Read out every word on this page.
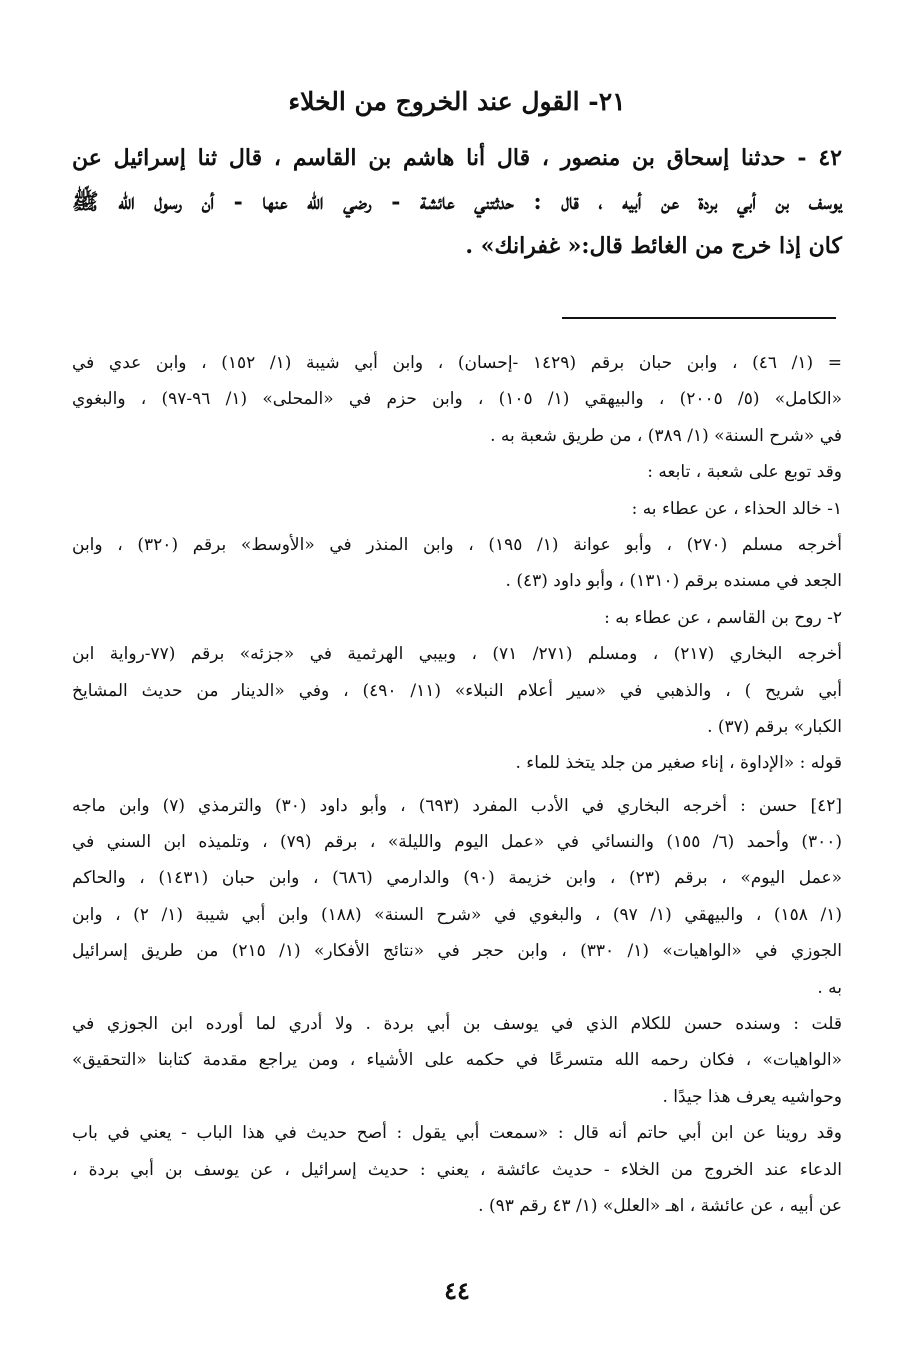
٢١- القول عند الخروج من الخلاء

٤٢ - حدثنا إسحاق بن منصور ، قال أنا هاشم بن القاسم ، قال ثنا إسرائيل عن

يوسف بن أبي بردة عن أبيه ، قال : حدثتني عائشة - رضي الله عنها - أن رسول الله ﷺ

كان إذا خرج من الغائط قال:« غفرانك» .

= (١/ ٤٦) ، وابن حبان برقم (١٤٢٩ -إحسان) ، وابن أبي شيبة (١/ ١٥٢) ، وابن عدي في
«الكامل» (٥/ ٢٠٠٥) ، والبيهقي (١/ ١٠٥) ، وابن حزم في «المحلى» (١/ ٩٦-٩٧) ، والبغوي
في «شرح السنة» (١/ ٣٨٩) ، من طريق شعبة به .
وقد توبع على شعبة ، تابعه :
١- خالد الحذاء ، عن عطاء به :
أخرجه مسلم (٢٧٠) ، وأبو عوانة (١/ ١٩٥) ، وابن المنذر في «الأوسط» برقم (٣٢٠) ، وابن
الجعد في مسنده برقم (١٣١٠) ، وأبو داود (٤٣) .
٢- روح بن القاسم ، عن عطاء به :
أخرجه البخاري (٢١٧) ، ومسلم (٢٧١/ ٧١) ، وبيبي الهرثمية في «جزئه» برقم (٧٧-رواية ابن
أبي شريح ) ، والذهبي في «سير أعلام النبلاء» (١١/ ٤٩٠) ، وفي «الدينار من حديث المشايخ
الكبار» برقم (٣٧) .
قوله : «الإداوة ، إناء صغير من جلد يتخذ للماء .
[٤٢] حسن : أخرجه البخاري في الأدب المفرد (٦٩٣) ، وأبو داود (٣٠) والترمذي (٧) وابن ماجه
(٣٠٠) وأحمد (٦/ ١٥٥) والنسائي في «عمل اليوم والليلة» ، برقم (٧٩) ، وتلميذه ابن السني في
«عمل اليوم» ، برقم (٢٣) ، وابن خزيمة (٩٠) والدارمي (٦٨٦) ، وابن حبان (١٤٣١) ، والحاكم
(١/ ١٥٨) ، والبيهقي (١/ ٩٧) ، والبغوي في «شرح السنة» (١٨٨) وابن أبي شيبة (١/ ٢) ، وابن
الجوزي في «الواهيات» (١/ ٣٣٠) ، وابن حجر في «نتائج الأفكار» (١/ ٢١٥) من طريق إسرائيل
به .
قلت : وسنده حسن للكلام الذي في يوسف بن أبي بردة . ولا أدري لما أورده ابن الجوزي في
«الواهيات» ، فكان رحمه الله متسرعًا في حكمه على الأشياء ، ومن يراجع مقدمة كتابنا «التحقيق»
وحواشيه يعرف هذا جيدًا .
وقد روينا عن ابن أبي حاتم أنه قال : «سمعت أبي يقول : أصح حديث في هذا الباب - يعني في باب
الدعاء عند الخروج من الخلاء - حديث عائشة ، يعني : حديث إسرائيل ، عن يوسف بن أبي بردة ،
عن أبيه ، عن عائشة ، اهـ «العلل» (١/ ٤٣ رقم ٩٣) .
٤٤
